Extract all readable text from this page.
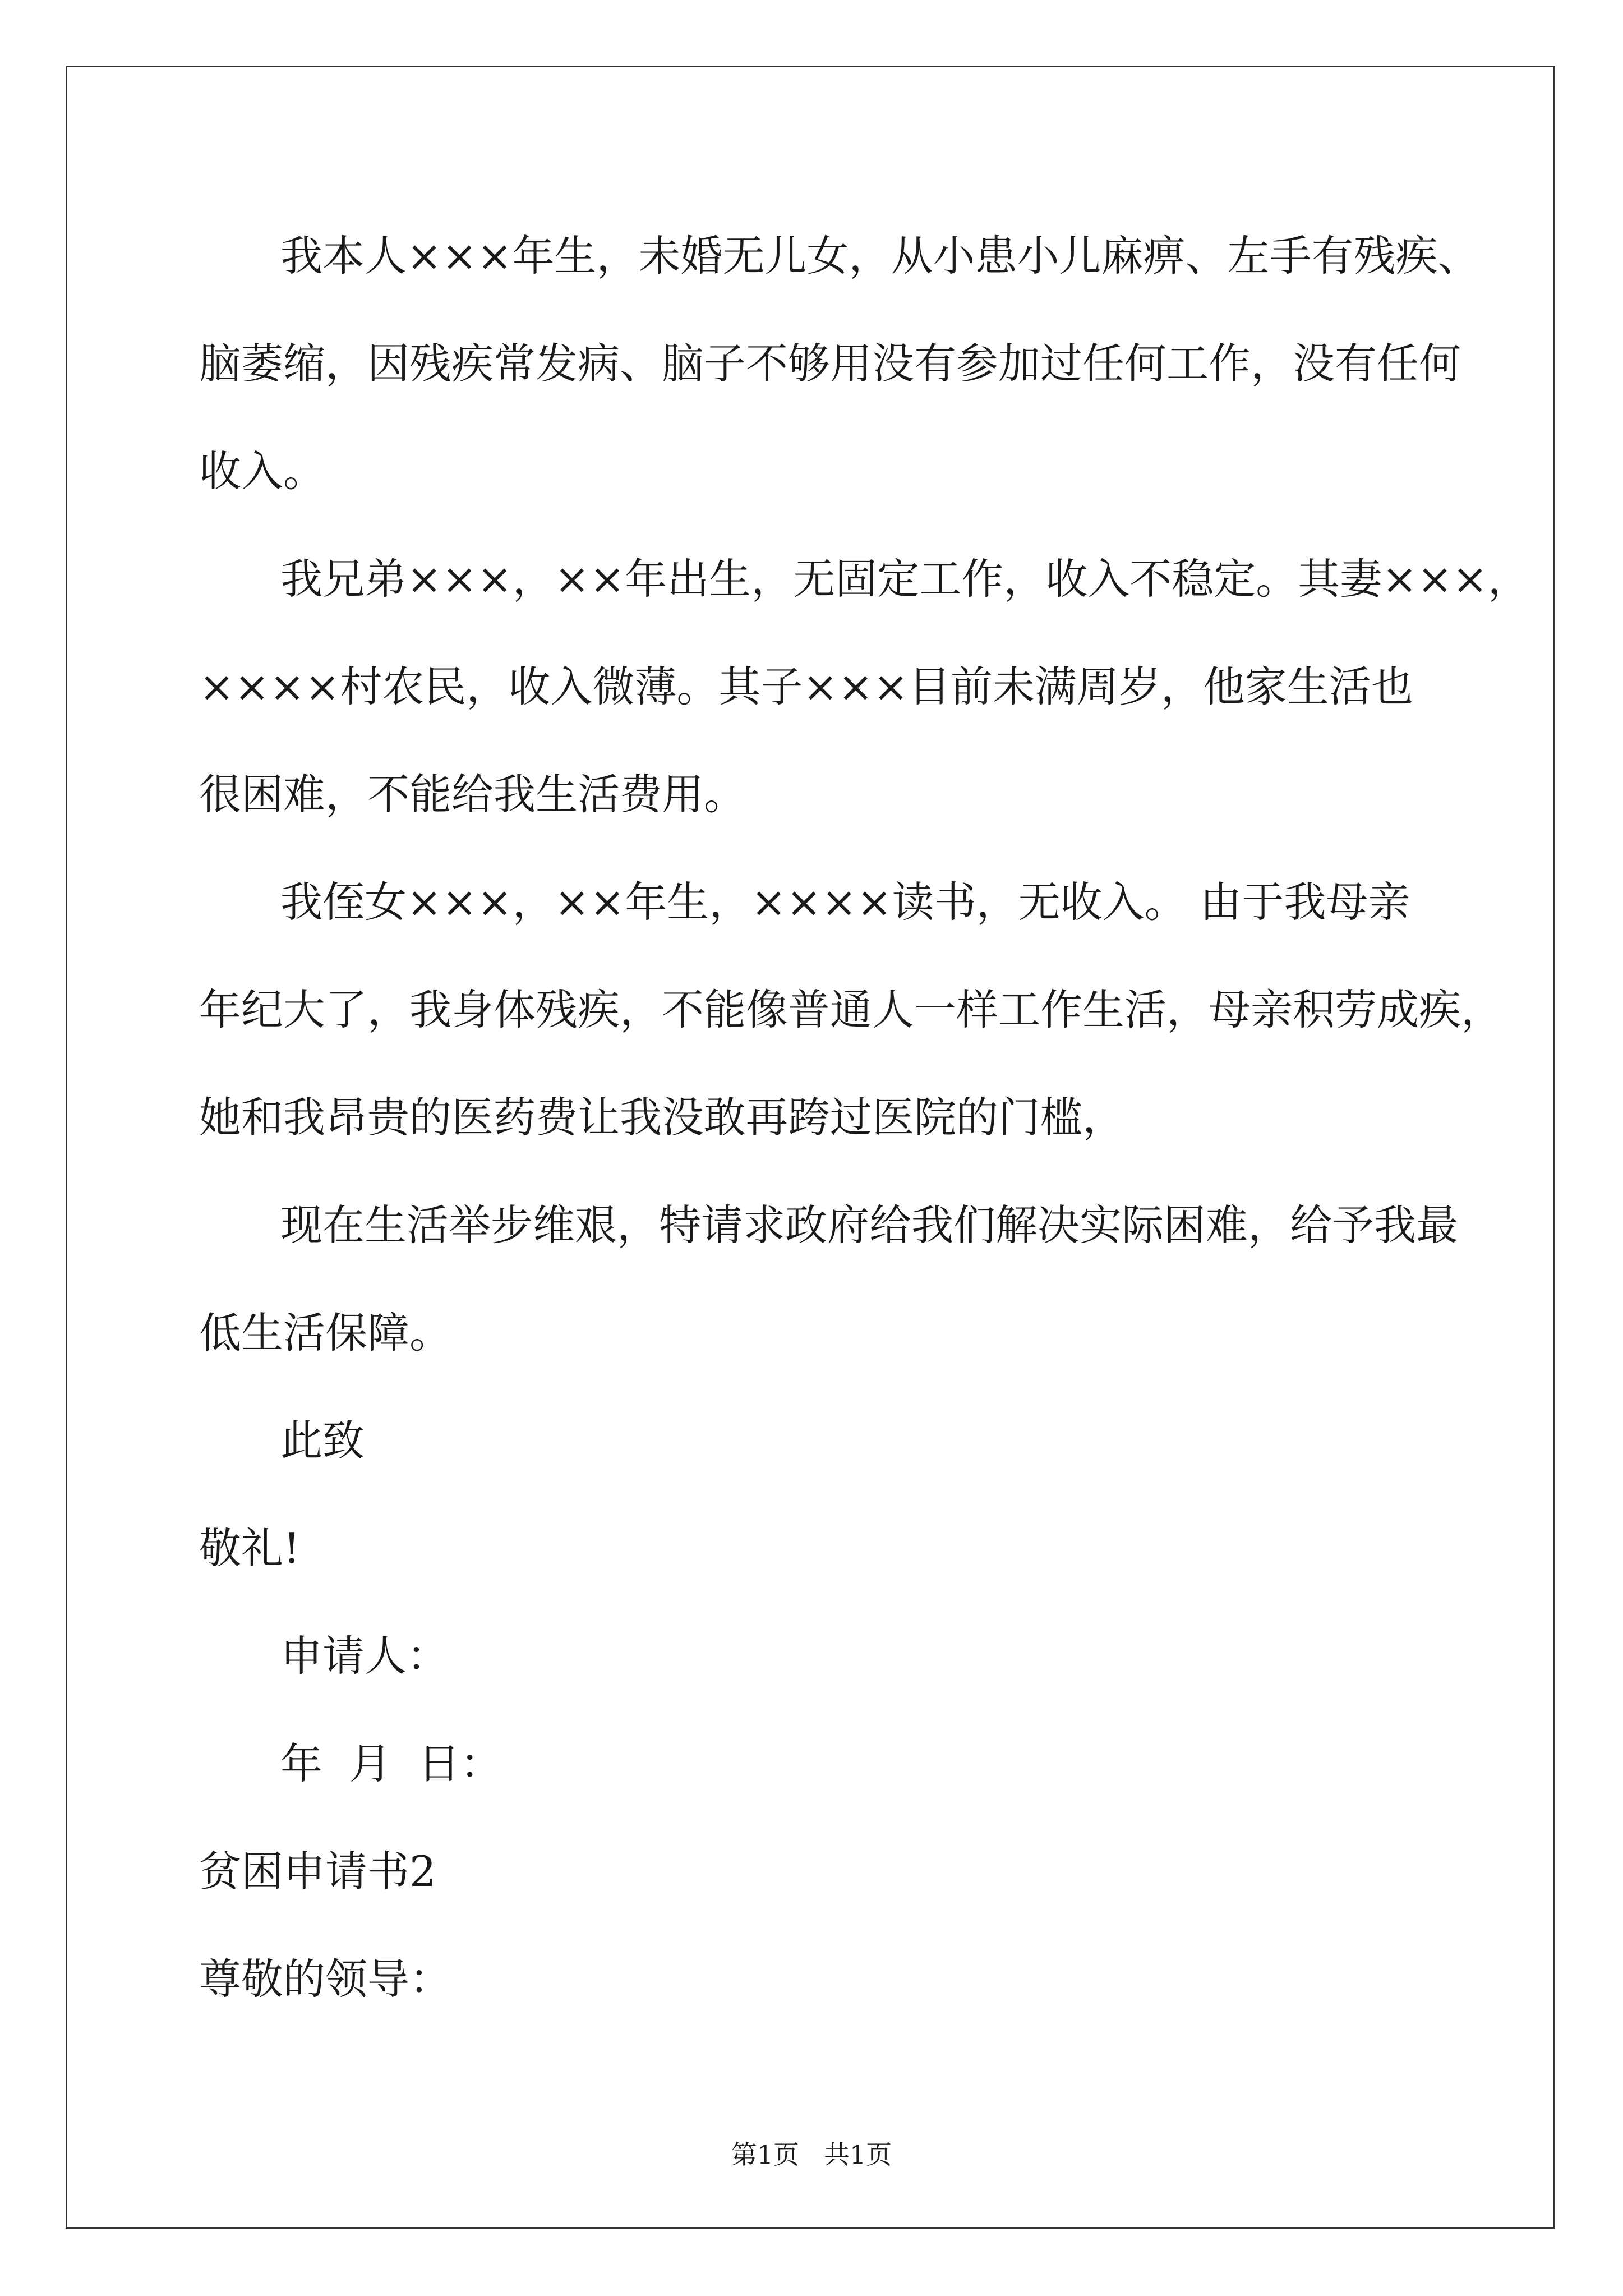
我本人×××年生，未婚无儿女，从小患小儿麻痹、左手有残疾、
脑萎缩，因残疾常发病、脑子不够用没有参加过任何工作，没有任何
收入。
我兄弟×××，××年出生，无固定工作，收入不稳定。其妻×××，
××××村农民，收入微薄。其子×××目前未满周岁，他家生活也
很困难，不能给我生活费用。
我侄女×××，××年生，××××读书，无收入。 由于我母亲
年纪大了，我身体残疾，不能像普通人一样工作生活，母亲积劳成疾，
她和我昂贵的医药费让我没敢再跨过医院的门槛，
现在生活举步维艰，特请求政府给我们解决实际困难，给予我最
低生活保障。
此致
敬礼!
申请人：
年  月  日：
贫困申请书2
尊敬的领导：
第1页 共1页
